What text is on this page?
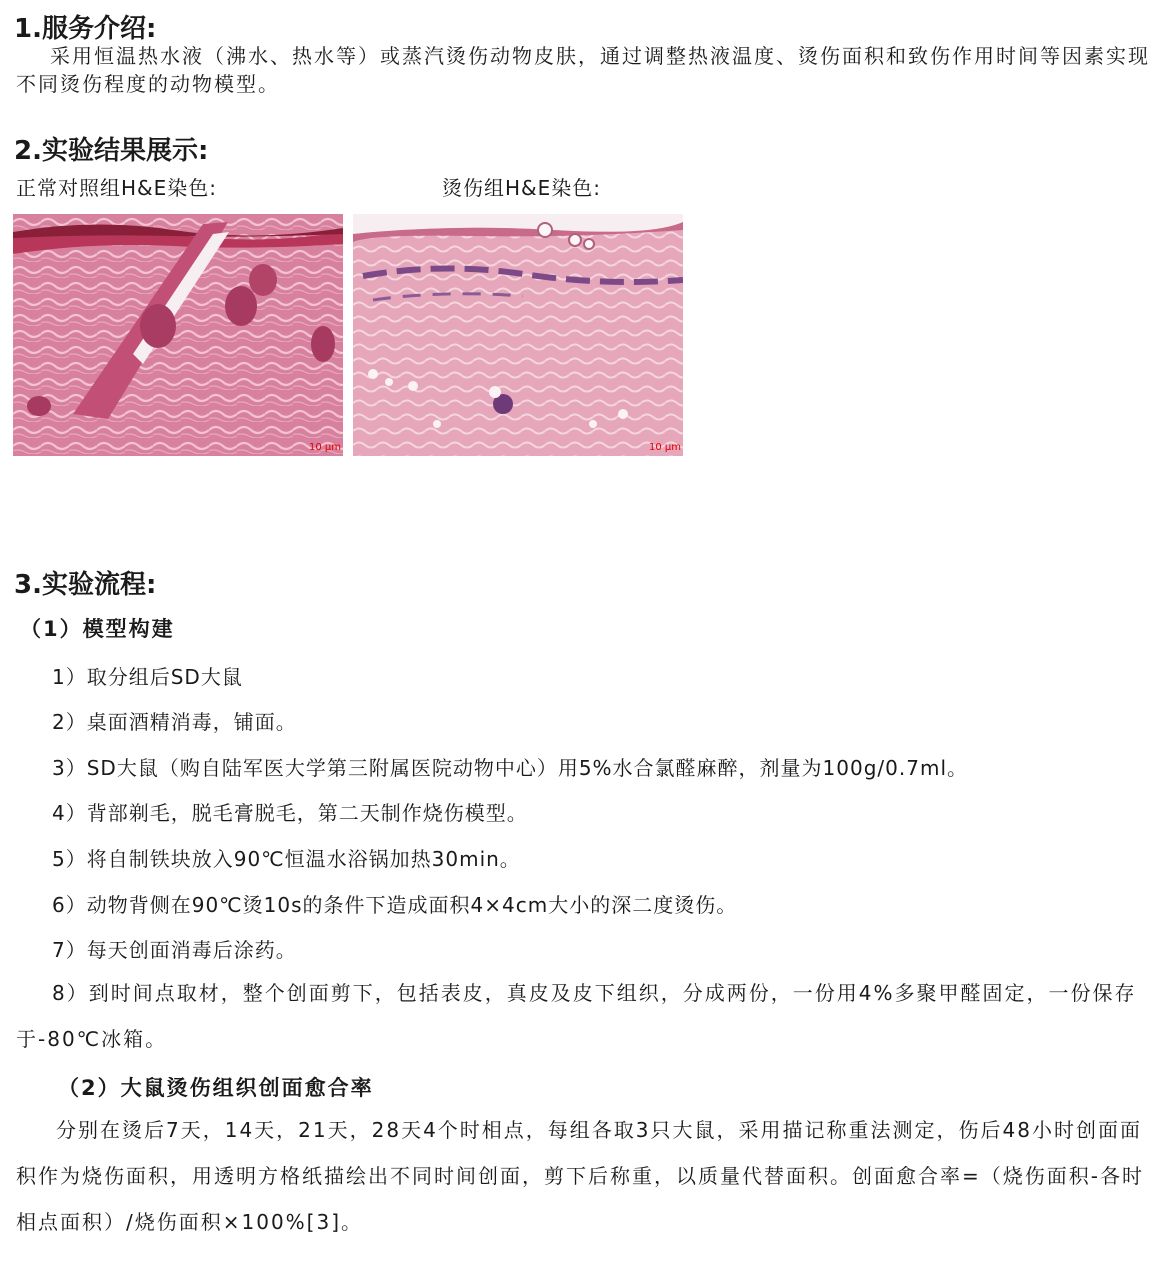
1.服务介绍:

采用恒温热水液（沸水、热水等）或蒸汽烫伤动物皮肤，通过调整热液温度、烫伤面积和致伤作用时间等因素实现不同烫伤程度的动物模型。

2.实验结果展示:

正常对照组H&E染色:	烫伤组H&E染色:

10 μm	10 μm
3.实验流程:

（1）模型构建

1）取分组后SD大鼠

2）桌面酒精消毒，铺面。

3）SD大鼠（购自陆军医大学第三附属医院动物中心）用5%水合氯醛麻醉，剂量为100g/0.7ml。

4）背部剃毛，脱毛膏脱毛，第二天制作烧伤模型。

5）将自制铁块放入90℃恒温水浴锅加热30min。

6）动物背侧在90℃烫10s的条件下造成面积4×4cm大小的深二度烫伤。

7）每天创面消毒后涂药。

8）到时间点取材，整个创面剪下，包括表皮，真皮及皮下组织，分成两份，一份用4%多聚甲醛固定，一份保存于-80℃冰箱。

（2）大鼠烫伤组织创面愈合率

分别在烫后7天，14天，21天，28天4个时相点，每组各取3只大鼠，采用描记称重法测定，伤后48小时创面面积作为烧伤面积，用透明方格纸描绘出不同时间创面，剪下后称重，以质量代替面积。创面愈合率=（烧伤面积-各时相点面积）/烧伤面积×100%[3]。
